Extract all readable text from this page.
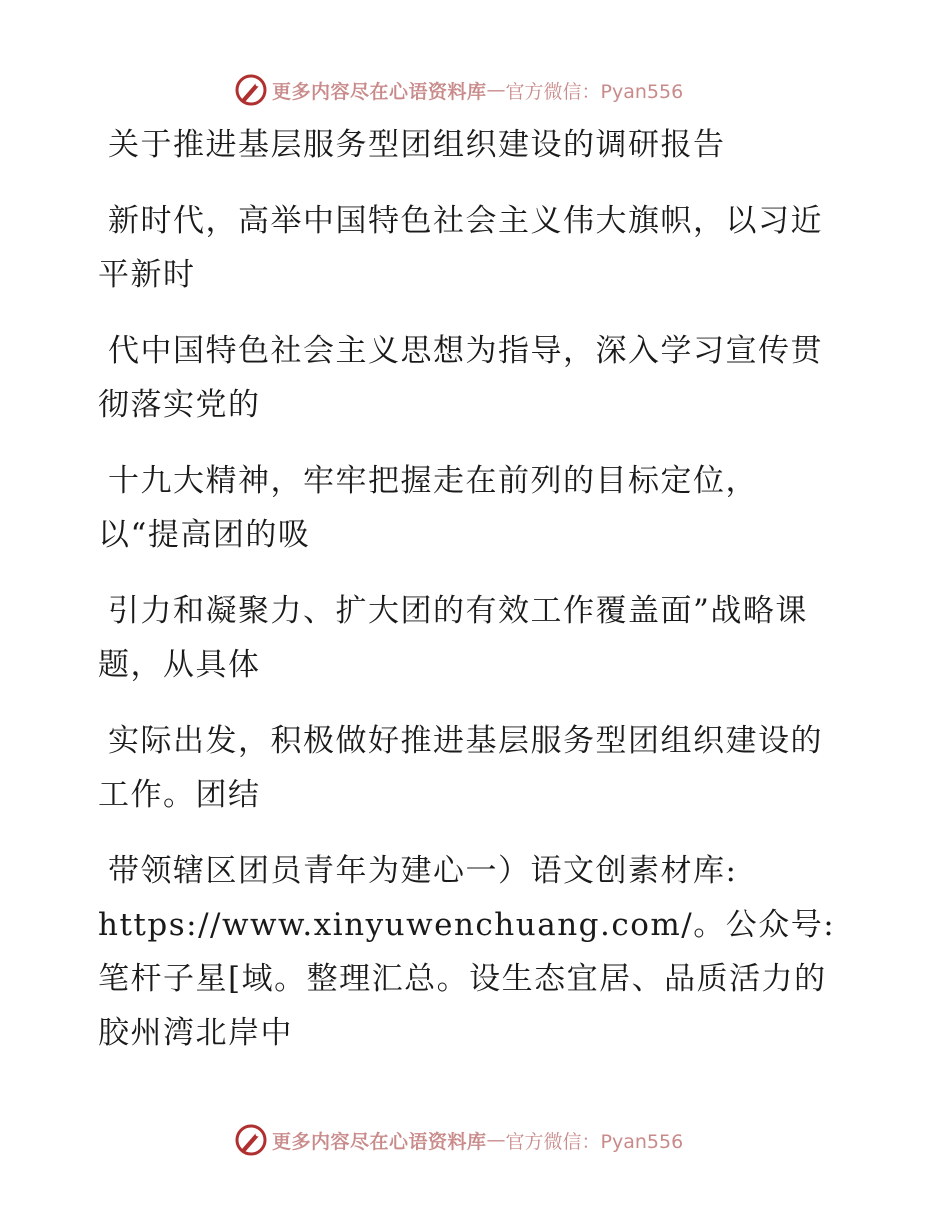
更多内容尽在心语资料库 — 官方微信：Pyan556

关于推进基层服务型团组织建设的调研报告

新时代，高举中国特色社会主义伟大旗帜，以习近平新时

代中国特色社会主义思想为指导，深入学习宣传贯彻落实党的

十九大精神，牢牢把握走在前列的目标定位，以“提高团的吸

引力和凝聚力、扩大团的有效工作覆盖面”战略课题，从具体

实际出发，积极做好推进基层服务型团组织建设的工作。团结

带领辖区团员青年为建心一）语文创素材库: https://www.xinyuwenchuang.com/。公众号: 笔杆子星[域。整理汇总。设生态宜居、品质活力的胶州湾北岸中

更多内容尽在心语资料库 — 官方微信：Pyan556
